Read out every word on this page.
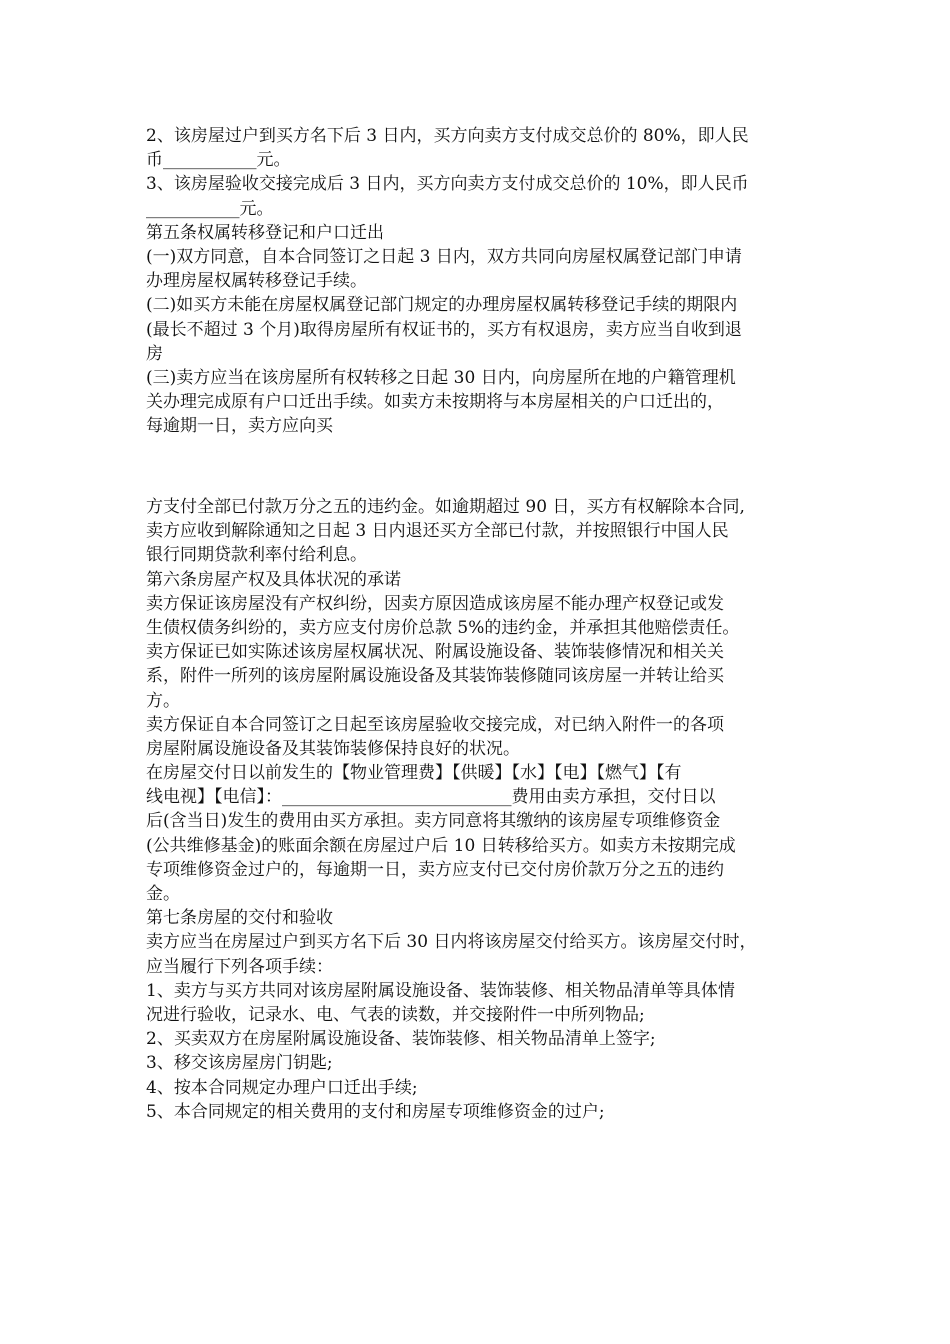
2、该房屋过户到买方名下后 3 日内，买方向卖方支付成交总价的 80%，即人民
币___________元。
3、该房屋验收交接完成后 3 日内，买方向卖方支付成交总价的 10%，即人民币
___________元。
第五条权属转移登记和户口迁出
(一)双方同意，自本合同签订之日起 3 日内，双方共同向房屋权属登记部门申请
办理房屋权属转移登记手续。
(二)如买方未能在房屋权属登记部门规定的办理房屋权属转移登记手续的期限内
(最长不超过 3 个月)取得房屋所有权证书的，买方有权退房，卖方应当自收到退
房
(三)卖方应当在该房屋所有权转移之日起 30 日内，向房屋所在地的户籍管理机
关办理完成原有户口迁出手续。如卖方未按期将与本房屋相关的户口迁出的，
每逾期一日，卖方应向买
方支付全部已付款万分之五的违约金。如逾期超过 90 日，买方有权解除本合同,
卖方应收到解除通知之日起 3 日内退还买方全部已付款，并按照银行中国人民
银行同期贷款利率付给利息。
第六条房屋产权及具体状况的承诺
卖方保证该房屋没有产权纠纷，因卖方原因造成该房屋不能办理产权登记或发
生债权债务纠纷的，卖方应支付房价总款 5%的违约金，并承担其他赔偿责任。
卖方保证已如实陈述该房屋权属状况、附属设施设备、装饰装修情况和相关关
系，附件一所列的该房屋附属设施设备及其装饰装修随同该房屋一并转让给买
方。
卖方保证自本合同签订之日起至该房屋验收交接完成，对已纳入附件一的各项
房屋附属设施设备及其装饰装修保持良好的状况。
在房屋交付日以前发生的【物业管理费】【供暖】【水】【电】【燃气】【有
线电视】【电信】：___________________________费用由卖方承担，交付日以
后(含当日)发生的费用由买方承担。卖方同意将其缴纳的该房屋专项维修资金
(公共维修基金)的账面余额在房屋过户后 10 日转移给买方。如卖方未按期完成
专项维修资金过户的，每逾期一日，卖方应支付已交付房价款万分之五的违约
金。
第七条房屋的交付和验收
卖方应当在房屋过户到买方名下后 30 日内将该房屋交付给买方。该房屋交付时，
应当履行下列各项手续：
1、卖方与买方共同对该房屋附属设施设备、装饰装修、相关物品清单等具体情
况进行验收，记录水、电、气表的读数，并交接附件一中所列物品;
2、买卖双方在房屋附属设施设备、装饰装修、相关物品清单上签字;
3、移交该房屋房门钥匙;
4、按本合同规定办理户口迁出手续;
5、本合同规定的相关费用的支付和房屋专项维修资金的过户;
